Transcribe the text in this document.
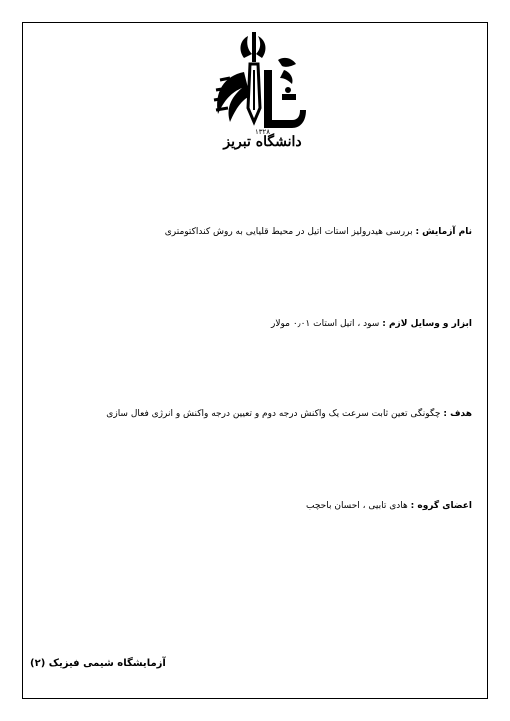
۱۳۲۸
دانشگاه تبریز
نام آزمایش : بررسی هیدرولیز استات اتیل در محیط قلیایی به روش کنداکتومتری
ابزار و وسایل لازم : سود ، اتیل استات ۰٫۰۱ مولار
هدف : چگونگی تعین ثابت سرعت یک واکنش درجه دوم و تعیین درجه واکنش و انرژی فعال سازی
اعضای گروه : هادی تابیی ، احسان باحچب
آزمایشگاه شیمی فیزیک (۲)
